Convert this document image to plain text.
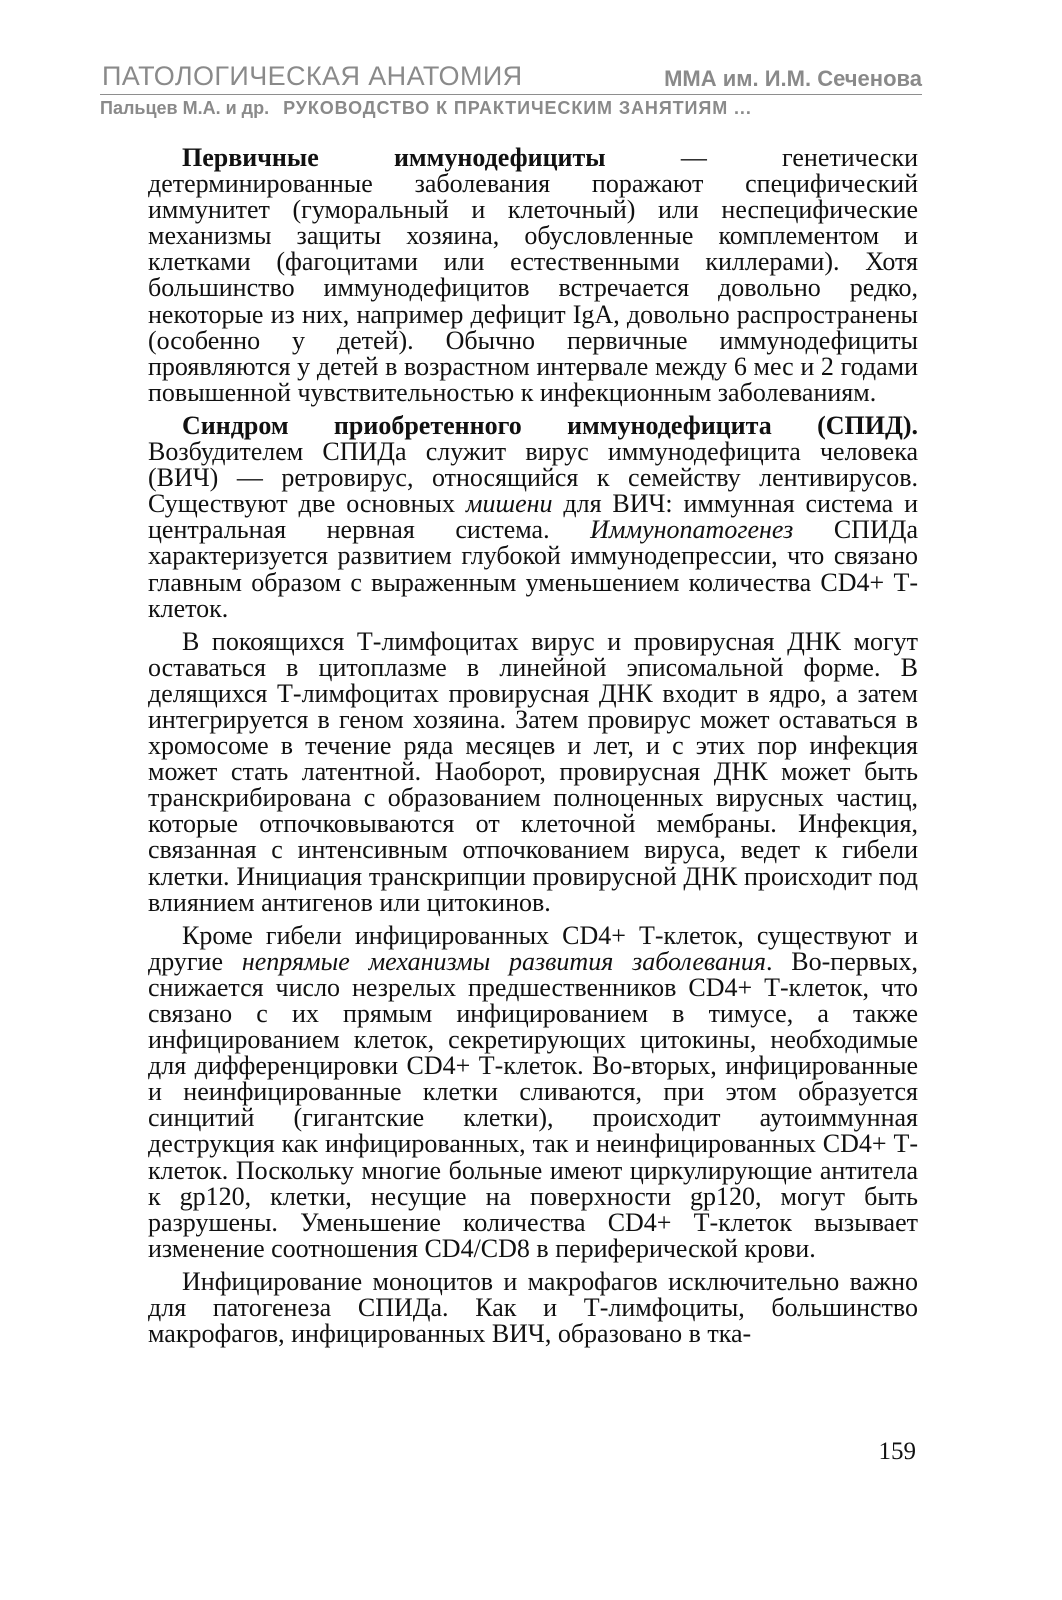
ПАТОЛОГИЧЕСКАЯ АНАТОМИЯ	ММА им. И.М. Сеченова
Пальцев М.А. и др. РУКОВОДСТВО К ПРАКТИЧЕСКИМ ЗАНЯТИЯМ ...

Первичные иммунодефициты — генетически детерминированные заболевания поражают специфический иммунитет (гуморальный и клеточный) или неспецифические механизмы защиты хозяина, обусловленные комплементом и клетками (фагоцитами или естественными киллерами). Хотя большинство иммунодефицитов встречается довольно редко, некоторые из них, например дефицит IgA, довольно распространены (особенно у детей). Обычно первичные иммунодефициты проявляются у детей в возрастном интервале между 6 мес и 2 годами повышенной чувствительностью к инфекционным заболеваниям.

Синдром приобретенного иммунодефицита (СПИД). Возбудителем СПИДа служит вирус иммунодефицита человека (ВИЧ) — ретровирус, относящийся к семейству лентивирусов. Существуют две основных мишени для ВИЧ: иммунная система и центральная нервная система. Иммунопатогенез СПИДа характеризуется развитием глубокой иммунодепрессии, что связано главным образом с выраженным уменьшением количества CD4+ Т-клеток.

В покоящихся Т-лимфоцитах вирус и провирусная ДНК могут оставаться в цитоплазме в линейной эписомальной форме. В делящихся Т-лимфоцитах провирусная ДНК входит в ядро, а затем интегрируется в геном хозяина. Затем провирус может оставаться в хромосоме в течение ряда месяцев и лет, и с этих пор инфекция может стать латентной. Наоборот, провирусная ДНК может быть транскрибирована с образованием полноценных вирусных частиц, которые отпочковываются от клеточной мембраны. Инфекция, связанная с интенсивным отпочкованием вируса, ведет к гибели клетки. Инициация транскрипции провирусной ДНК происходит под влиянием антигенов или цитокинов.

Кроме гибели инфицированных CD4+ Т-клеток, существуют и другие непрямые механизмы развития заболевания. Во-первых, снижается число незрелых предшественников CD4+ Т-клеток, что связано с их прямым инфицированием в тимусе, а также инфицированием клеток, секретирующих цитокины, необходимые для дифференцировки CD4+ Т-клеток. Во-вторых, инфицированные и неинфицированные клетки сливаются, при этом образуется синцитий (гигантские клетки), происходит аутоиммунная деструкция как инфицированных, так и неинфицированных CD4+ Т-клеток. Поскольку многие больные имеют циркулирующие антитела к gp120, клетки, несущие на поверхности gp120, могут быть разрушены. Уменьшение количества CD4+ Т-клеток вызывает изменение соотношения CD4/CD8 в периферической крови.

Инфицирование моноцитов и макрофагов исключительно важно для патогенеза СПИДа. Как и Т-лимфоциты, большинство макрофагов, инфицированных ВИЧ, образовано в тка-

159
